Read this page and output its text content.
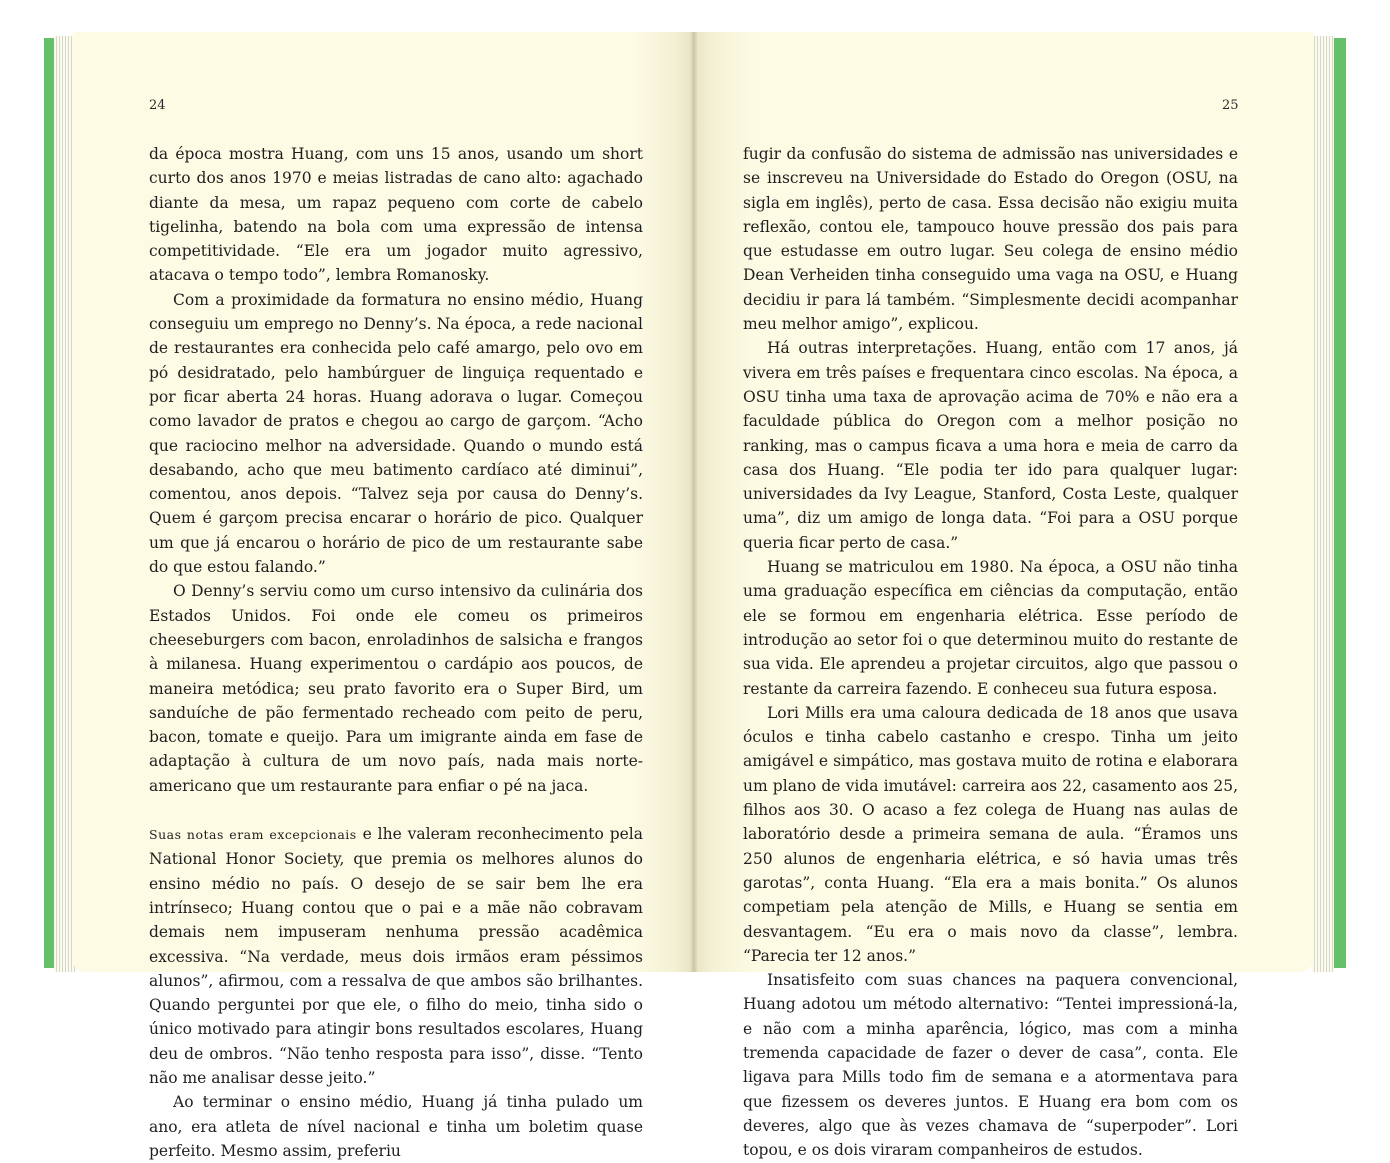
24

da época mostra Huang, com uns 15 anos, usando um short curto dos anos 1970 e meias listradas de cano alto: agachado diante da mesa, um rapaz pequeno com corte de cabelo tigelinha, batendo na bola com uma expressão de intensa competitividade. “Ele era um jogador muito agressivo, atacava o tempo todo”, lembra Romanosky.

Com a proximidade da formatura no ensino médio, Huang conseguiu um emprego no Denny’s. Na época, a rede nacional de restaurantes era conhecida pelo café amargo, pelo ovo em pó desidratado, pelo hambúrguer de linguiça requentado e por ficar aberta 24 horas. Huang adorava o lugar. Começou como lavador de pratos e chegou ao cargo de garçom. “Acho que raciocino melhor na adversidade. Quando o mundo está desabando, acho que meu batimento cardíaco até diminui”, comentou, anos depois. “Talvez seja por causa do Denny’s. Quem é garçom precisa encarar o horário de pico. Qualquer um que já encarou o horário de pico de um restaurante sabe do que estou falando.”

O Denny’s serviu como um curso intensivo da culinária dos Estados Unidos. Foi onde ele comeu os primeiros cheeseburgers com bacon, enroladinhos de salsicha e frangos à milanesa. Huang experimentou o cardápio aos poucos, de maneira metódica; seu prato favorito era o Super Bird, um sanduíche de pão fermentado recheado com peito de peru, bacon, tomate e queijo. Para um imigrante ainda em fase de adaptação à cultura de um novo país, nada mais norte-americano que um restaurante para enfiar o pé na jaca.

Suas notas eram excepcionais e lhe valeram reconhecimento pela National Honor Society, que premia os melhores alunos do ensino médio no país. O desejo de se sair bem lhe era intrínseco; Huang contou que o pai e a mãe não cobravam demais nem impuseram nenhuma pressão acadêmica excessiva. “Na verdade, meus dois irmãos eram péssimos alunos”, afirmou, com a ressalva de que ambos são brilhantes. Quando perguntei por que ele, o filho do meio, tinha sido o único motivado para atingir bons resultados escolares, Huang deu de ombros. “Não tenho resposta para isso”, disse. “Tento não me analisar desse jeito.”

Ao terminar o ensino médio, Huang já tinha pulado um ano, era atleta de nível nacional e tinha um boletim quase perfeito. Mesmo assim, preferiu

25

fugir da confusão do sistema de admissão nas universidades e se inscreveu na Universidade do Estado do Oregon (OSU, na sigla em inglês), perto de casa. Essa decisão não exigiu muita reflexão, contou ele, tampouco houve pressão dos pais para que estudasse em outro lugar. Seu colega de ensino médio Dean Verheiden tinha conseguido uma vaga na OSU, e Huang decidiu ir para lá também. “Simplesmente decidi acompanhar meu melhor amigo”, explicou.

Há outras interpretações. Huang, então com 17 anos, já vivera em três países e frequentara cinco escolas. Na época, a OSU tinha uma taxa de aprovação acima de 70% e não era a faculdade pública do Oregon com a melhor posição no ranking, mas o campus ficava a uma hora e meia de carro da casa dos Huang. “Ele podia ter ido para qualquer lugar: universidades da Ivy League, Stanford, Costa Leste, qualquer uma”, diz um amigo de longa data. “Foi para a OSU porque queria ficar perto de casa.”

Huang se matriculou em 1980. Na época, a OSU não tinha uma graduação específica em ciências da computação, então ele se formou em engenharia elétrica. Esse período de introdução ao setor foi o que determinou muito do restante de sua vida. Ele aprendeu a projetar circuitos, algo que passou o restante da carreira fazendo. E conheceu sua futura esposa.

Lori Mills era uma caloura dedicada de 18 anos que usava óculos e tinha cabelo castanho e crespo. Tinha um jeito amigável e simpático, mas gostava muito de rotina e elaborara um plano de vida imutável: carreira aos 22, casamento aos 25, filhos aos 30. O acaso a fez colega de Huang nas aulas de laboratório desde a primeira semana de aula. “Éramos uns 250 alunos de engenharia elétrica, e só havia umas três garotas”, conta Huang. “Ela era a mais bonita.” Os alunos competiam pela atenção de Mills, e Huang se sentia em desvantagem. “Eu era o mais novo da classe”, lembra. “Parecia ter 12 anos.”

Insatisfeito com suas chances na paquera convencional, Huang adotou um método alternativo: “Tentei impressioná-la, e não com a minha aparência, lógico, mas com a minha tremenda capacidade de fazer o dever de casa”, conta. Ele ligava para Mills todo fim de semana e a atormentava para que fizessem os deveres juntos. E Huang era bom com os deveres, algo que às vezes chamava de “superpoder”. Lori topou, e os dois viraram companheiros de estudos.
